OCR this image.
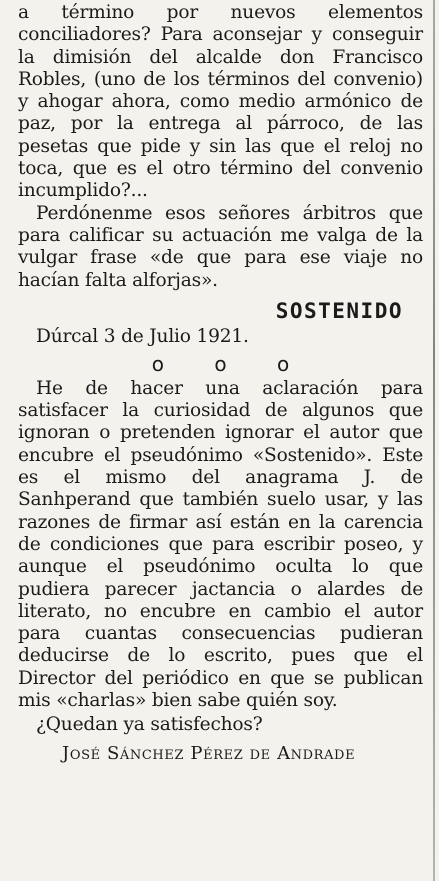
a término por nuevos elementos conciliadores? Para aconsejar y conseguir la dimisión del alcalde don Francisco Robles, (uno de los términos del convenio) y ahogar ahora, como medio armónico de paz, por la entrega al párroco, de las pesetas que pide y sin las que el reloj no toca, que es el otro término del convenio incumplido?...

Perdónenme esos señores árbitros que para calificar su actuación me valga de la vulgar frase «de que para ese viaje no hacían falta alforjas».

SOSTENIDO

Dúrcal 3 de Julio 1921.

o o o

He de hacer una aclaración para satisfacer la curiosidad de algunos que ignoran o pretenden ignorar el autor que encubre el pseudónimo «Sostenido». Este es el mismo del anagrama J. de Sanhperand que también suelo usar, y las razones de firmar así están en la carencia de condiciones que para escribir poseo, y aunque el pseudónimo oculta lo que pudiera parecer jactancia o alardes de literato, no encubre en cambio el autor para cuantas consecuencias pudieran deducirse de lo escrito, pues que el Director del periódico en que se publican mis «charlas» bien sabe quién soy.

¿Quedan ya satisfechos?

José Sánchez Pérez de Andrade
